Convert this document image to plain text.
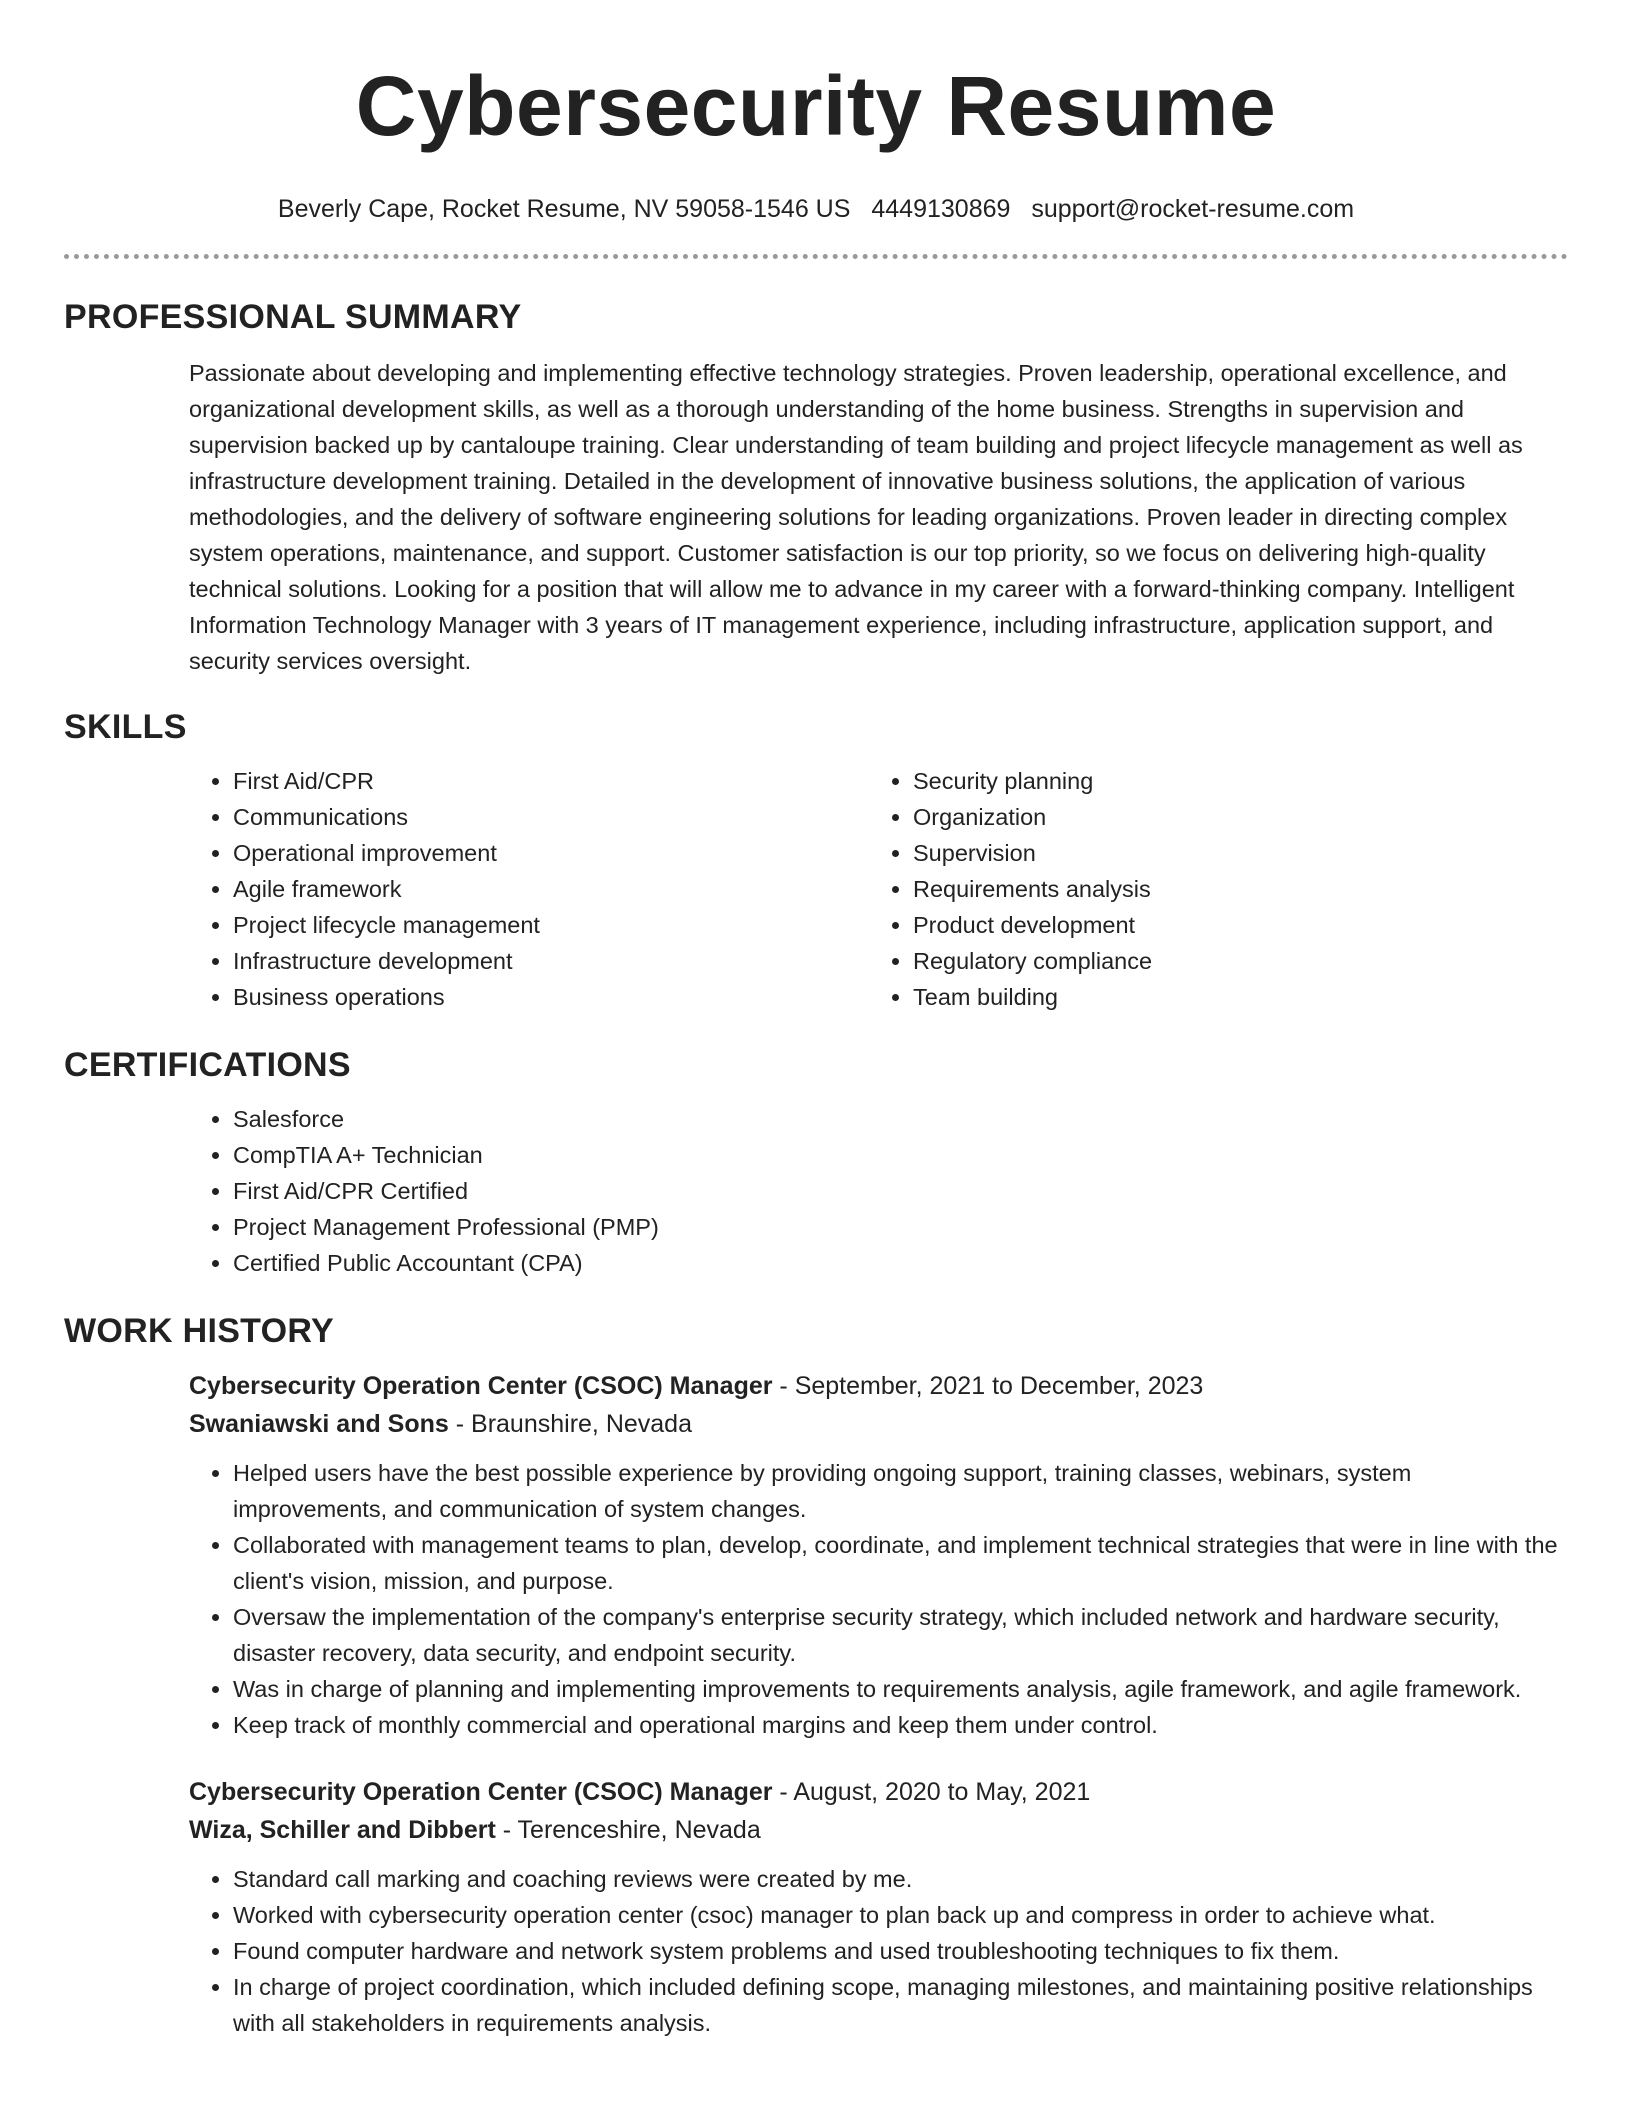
Cybersecurity Resume
Beverly Cape, Rocket Resume, NV 59058-1546 US 4449130869 support@rocket-resume.com
PROFESSIONAL SUMMARY

Passionate about developing and implementing effective technology strategies. Proven leadership, operational excellence, and organizational development skills, as well as a thorough understanding of the home business. Strengths in supervision and supervision backed up by cantaloupe training. Clear understanding of team building and project lifecycle management as well as infrastructure development training. Detailed in the development of innovative business solutions, the application of various methodologies, and the delivery of software engineering solutions for leading organizations. Proven leader in directing complex system operations, maintenance, and support. Customer satisfaction is our top priority, so we focus on delivering high-quality technical solutions. Looking for a position that will allow me to advance in my career with a forward-thinking company. Intelligent Information Technology Manager with 3 years of IT management experience, including infrastructure, application support, and security services oversight.

SKILLS
• First Aid/CPR
• Communications
• Operational improvement
• Agile framework
• Project lifecycle management
• Infrastructure development
• Business operations
• Security planning
• Organization
• Supervision
• Requirements analysis
• Product development
• Regulatory compliance
• Team building
CERTIFICATIONS
• Salesforce
• CompTIA A+ Technician
• First Aid/CPR Certified
• Project Management Professional (PMP)
• Certified Public Accountant (CPA)
WORK HISTORY
Cybersecurity Operation Center (CSOC) Manager - September, 2021 to December, 2023
Swaniawski and Sons - Braunshire, Nevada
• Helped users have the best possible experience by providing ongoing support, training classes, webinars, system improvements, and communication of system changes.
• Collaborated with management teams to plan, develop, coordinate, and implement technical strategies that were in line with the client's vision, mission, and purpose.
• Oversaw the implementation of the company's enterprise security strategy, which included network and hardware security, disaster recovery, data security, and endpoint security.
• Was in charge of planning and implementing improvements to requirements analysis, agile framework, and agile framework.
• Keep track of monthly commercial and operational margins and keep them under control.
Cybersecurity Operation Center (CSOC) Manager - August, 2020 to May, 2021
Wiza, Schiller and Dibbert - Terenceshire, Nevada
• Standard call marking and coaching reviews were created by me.
• Worked with cybersecurity operation center (csoc) manager to plan back up and compress in order to achieve what.
• Found computer hardware and network system problems and used troubleshooting techniques to fix them.
• In charge of project coordination, which included defining scope, managing milestones, and maintaining positive relationships with all stakeholders in requirements analysis.
